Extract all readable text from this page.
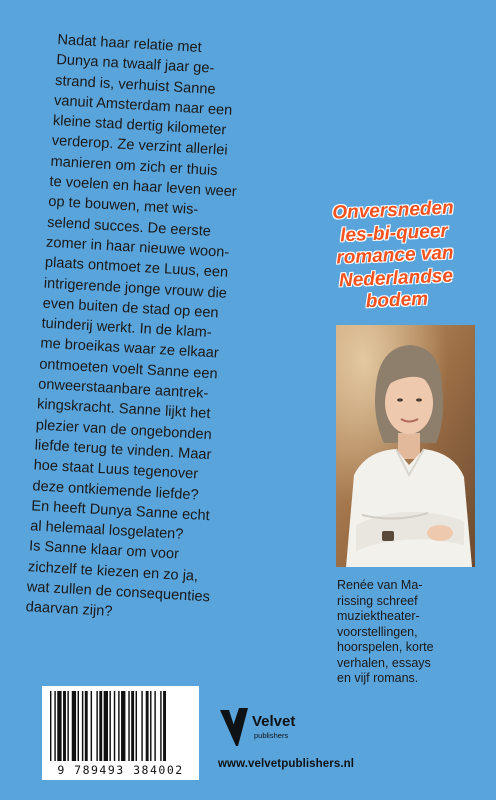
Nadat haar relatie met
Dunya na twaalf jaar ge-
strand is, verhuist Sanne
vanuit Amsterdam naar een
kleine stad dertig kilometer
verderop. Ze verzint allerlei
manieren om zich er thuis
te voelen en haar leven weer
op te bouwen, met wis-
selend succes. De eerste
zomer in haar nieuwe woon-
plaats ontmoet ze Luus, een
intrigerende jonge vrouw die
even buiten de stad op een
tuinderij werkt. In de klam-
me broeikas waar ze elkaar
ontmoeten voelt Sanne een
onweerstaanbare aantrek-
kingskracht. Sanne lijkt het
plezier van de ongebonden
liefde terug te vinden. Maar
hoe staat Luus tegenover
deze ontkiemende liefde?
En heeft Dunya Sanne echt
al helemaal losgelaten?
Is Sanne klaar om voor
zichzelf te kiezen en zo ja,
wat zullen de consequenties
daarvan zijn?
Onversneden
les-bi-queer
romance van
Nederlandse
bodem
Renée van Ma-
rissing schreef
muziektheater-
voorstellingen,
hoorspelen, korte
verhalen, essays
en vijf romans.
9 789493 384002
Velvet
publishers
www.velvetpublishers.nl
